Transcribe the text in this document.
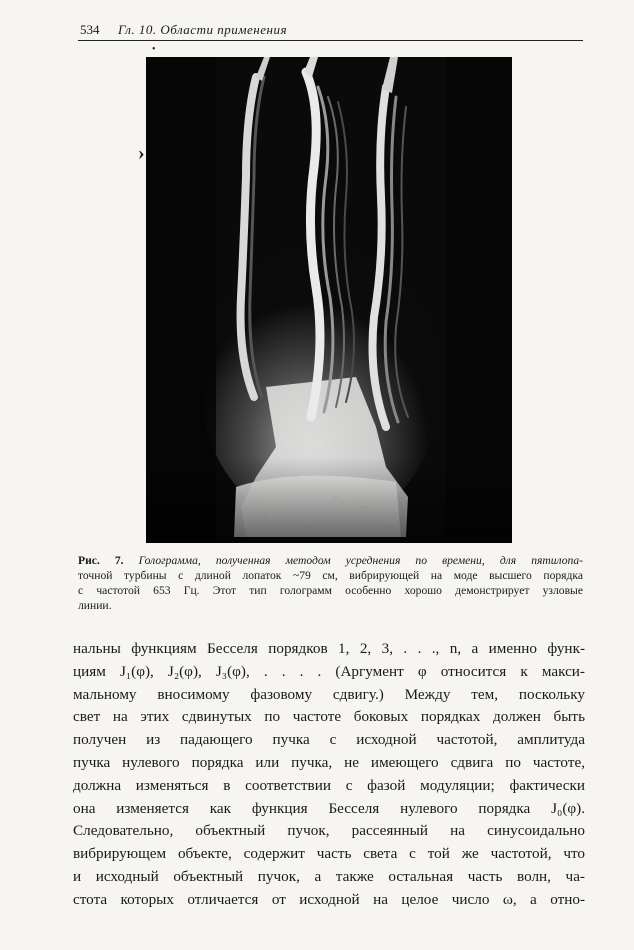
534 Гл. 10. Области применения
•
›
Рис. 7. Голограмма, полученная методом усреднения по времени, для пятилопа-
точной турбины с длиной лопаток ~79 см, вибрирующей на моде высшего порядка
с частотой 653 Гц. Этот тип голограмм особенно хорошо демонстрирует узловые
линии.
нальны функциям Бесселя порядков 1, 2, 3, . . ., n, а именно функ-
циям J₁(φ), J₂(φ), J₃(φ), . . . . (Аргумент φ относится к макси-
мальному вносимому фазовому сдвигу.) Между тем, поскольку
свет на этих сдвинутых по частоте боковых порядках должен быть
получен из падающего пучка с исходной частотой, амплитуда
пучка нулевого порядка или пучка, не имеющего сдвига по частоте,
должна изменяться в соответствии с фазой модуляции; фактически
она изменяется как функция Бесселя нулевого порядка J₀(φ).
Следовательно, объектный пучок, рассеянный на синусоидально
вибрирующем объекте, содержит часть света с той же частотой, что
и исходный объектный пучок, а также остальная часть волн, ча-
стота которых отличается от исходной на целое число ω, а отно-
